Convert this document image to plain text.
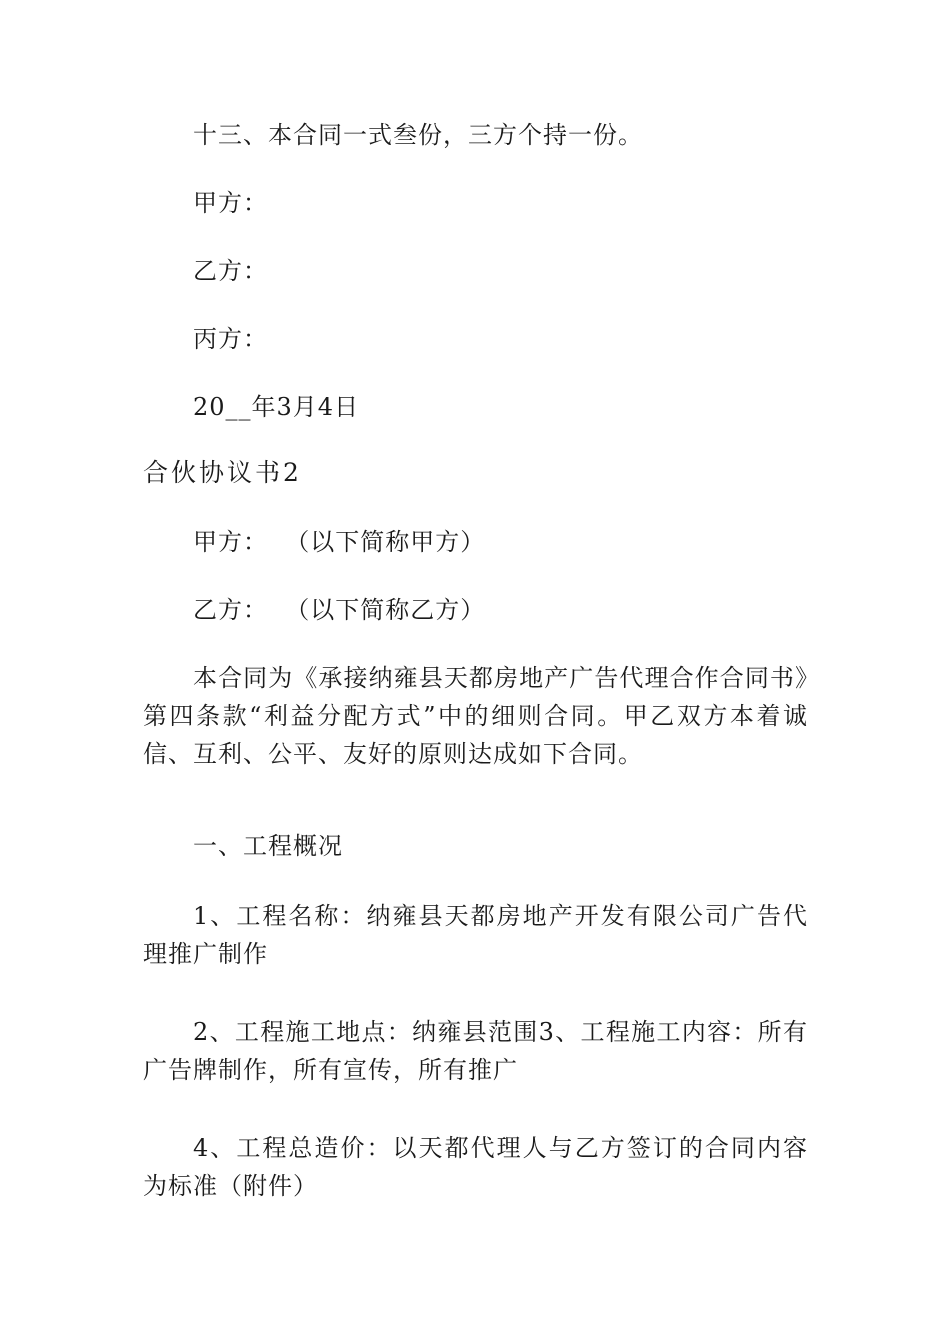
十三、本合同一式叁份，三方个持一份。
甲方：
乙方：
丙方：
20__年3月4日
合伙协议书2
甲方：  （以下简称甲方）
乙方：  （以下简称乙方）
本合同为《承接纳雍县天都房地产广告代理合作合同书》第四条款“利益分配方式”中的细则合同。甲乙双方本着诚信、互利、公平、友好的原则达成如下合同。
一、工程概况
1、工程名称：纳雍县天都房地产开发有限公司广告代理推广制作
2、工程施工地点：纳雍县范围3、工程施工内容：所有广告牌制作，所有宣传，所有推广
4、工程总造价：以天都代理人与乙方签订的合同内容为标准（附件）
